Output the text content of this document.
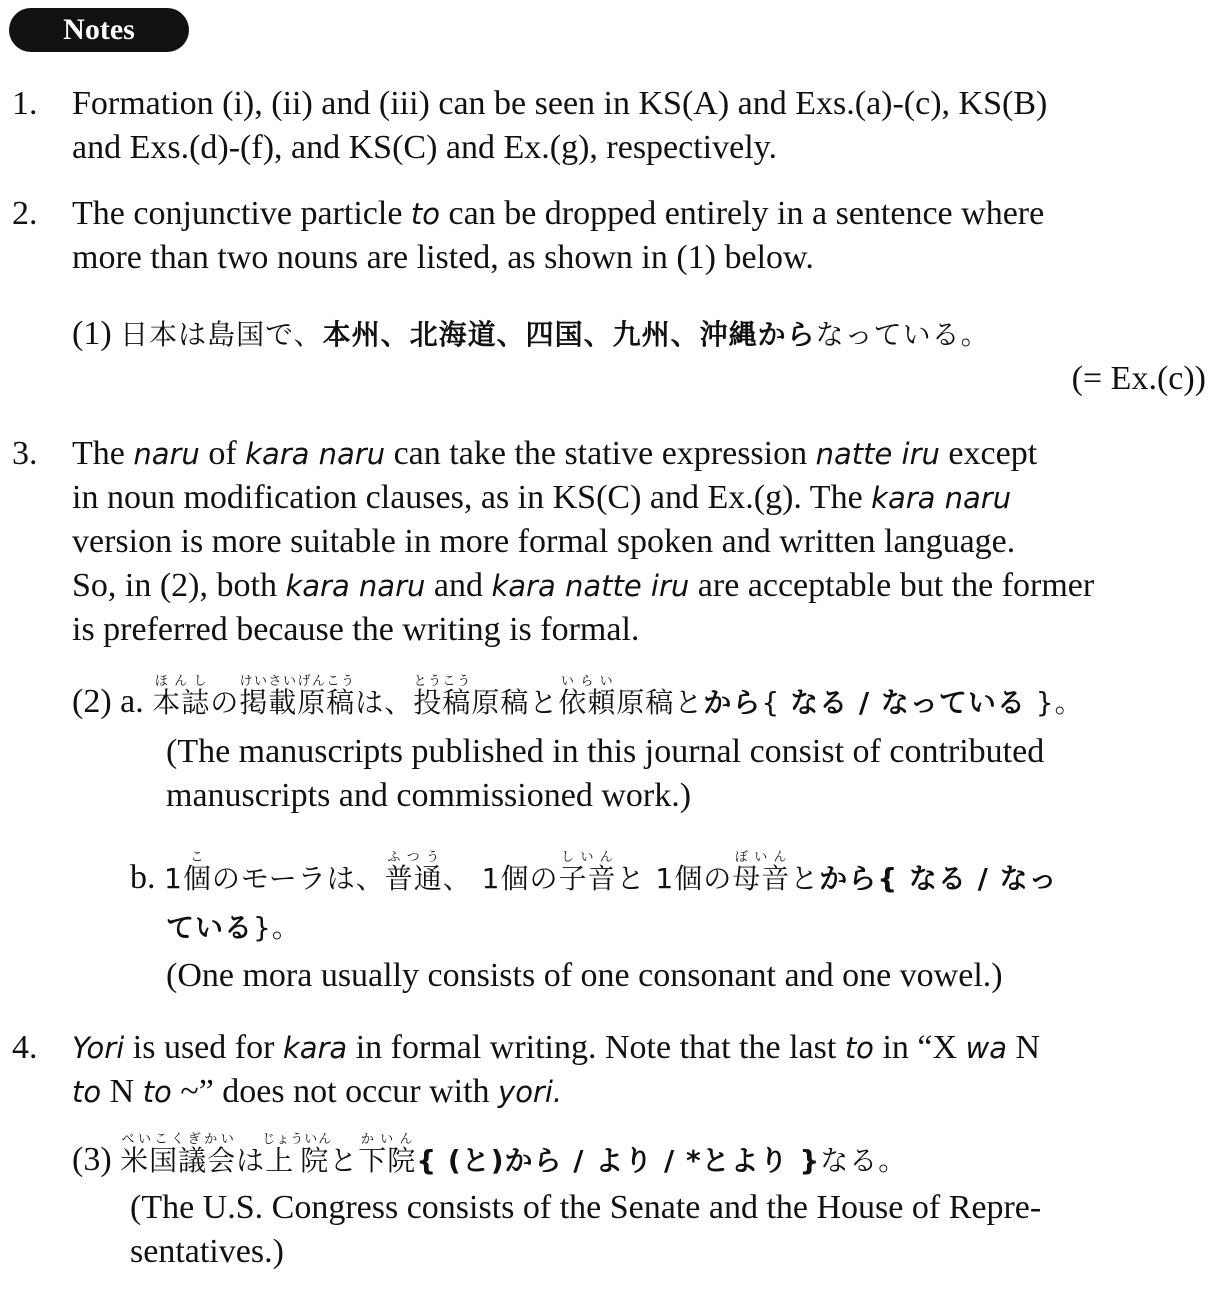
Notes
1. Formation (i), (ii) and (iii) can be seen in KS(A) and Exs.(a)-(c), KS(B)
and Exs.(d)-(f), and KS(C) and Ex.(g), respectively.
2. The conjunctive particle to can be dropped entirely in a sentence where
more than two nouns are listed, as shown in (1) below.
(1) 日本は島国で、本州、北海道、四国、九州、沖縄からなっている。
(= Ex.(c))
3. The naru of kara naru can take the stative expression natte iru except
in noun modification clauses, as in KS(C) and Ex.(g). The kara naru
version is more suitable in more formal spoken and written language.
So, in (2), both kara naru and kara natte iru are acceptable but the former
is preferred because the writing is formal.
(2) a. 本誌ほんしの掲載原稿けいさいげんこうは、投稿とうこう原稿と依頼いらい原稿とから{ なる / なっている }。
(The manuscripts published in this journal consist of contributed
manuscripts and commissioned work.)
b. 1個このモーラは、普通ふつう、 1個の子音しいんと 1個の母音ぼいんとから{ なる / なっ
ている}。
(One mora usually consists of one consonant and one vowel.)
4. Yori is used for kara in formal writing. Note that the last to in “X wa N
to N to ~” does not occur with yori.
(3) 米国議会べいこくぎかいは上院じょういんと下院かいん{ (と)から / より / *とより }なる。
(The U.S. Congress consists of the Senate and the House of Repre-
sentatives.)
